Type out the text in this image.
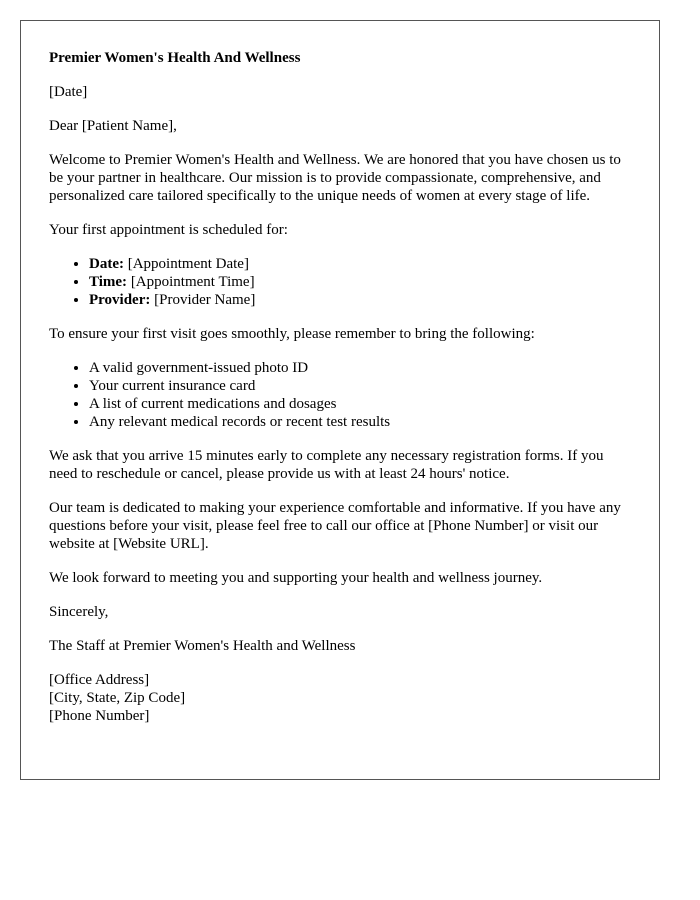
Premier Women's Health And Wellness

[Date]

Dear [Patient Name],

Welcome to Premier Women's Health and Wellness. We are honored that you have chosen us to be your partner in healthcare. Our mission is to provide compassionate, comprehensive, and personalized care tailored specifically to the unique needs of women at every stage of life.

Your first appointment is scheduled for:

• Date: [Appointment Date]
• Time: [Appointment Time]
• Provider: [Provider Name]

To ensure your first visit goes smoothly, please remember to bring the following:

• A valid government-issued photo ID
• Your current insurance card
• A list of current medications and dosages
• Any relevant medical records or recent test results

We ask that you arrive 15 minutes early to complete any necessary registration forms. If you need to reschedule or cancel, please provide us with at least 24 hours' notice.

Our team is dedicated to making your experience comfortable and informative. If you have any questions before your visit, please feel free to call our office at [Phone Number] or visit our website at [Website URL].

We look forward to meeting you and supporting your health and wellness journey.

Sincerely,

The Staff at Premier Women's Health and Wellness

[Office Address]

[City, State, Zip Code]

[Phone Number]
